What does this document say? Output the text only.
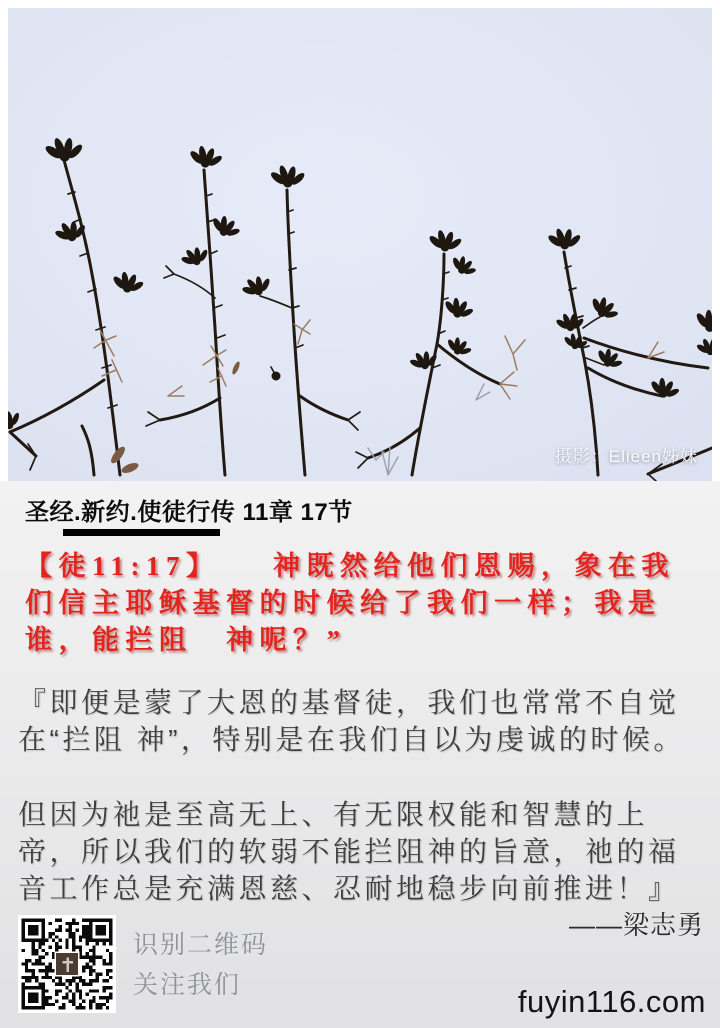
摄影：Elieen姊妹
圣经.新约.使徒行传 11章 17节
【徒11:17】　　神既然给他们恩赐，象在我们信主耶稣基督的时候给了我们一样；我是谁，能拦阻　神呢？”
『即便是蒙了大恩的基督徒，我们也常常不自觉在“拦阻 神”，特别是在我们自以为虔诚的时候。
但因为祂是至高无上、有无限权能和智慧的上帝，所以我们的软弱不能拦阻神的旨意，祂的福音工作总是充满恩慈、忍耐地稳步向前推进！』
——梁志勇
识别二维码
关注我们	fuyin116.com
